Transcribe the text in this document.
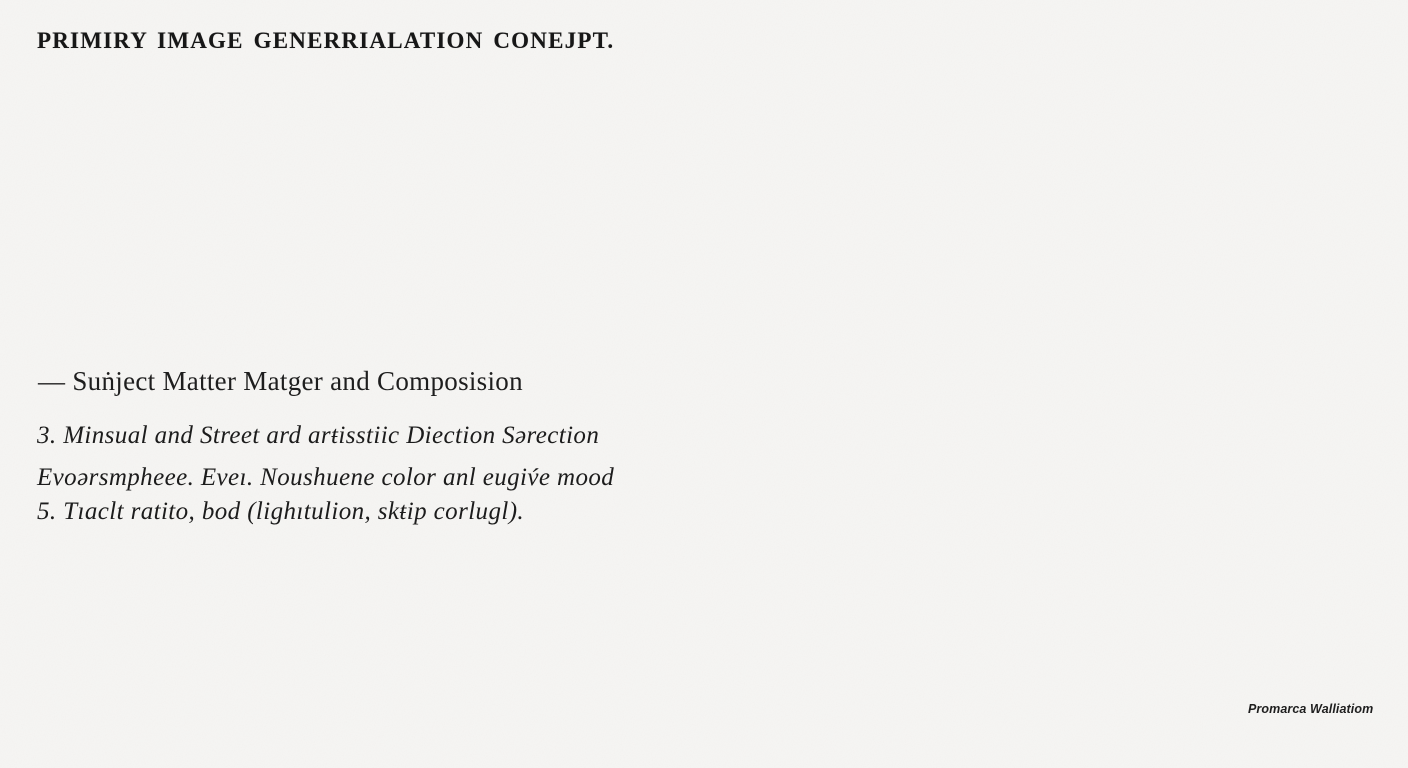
PRIMIRY IMAGE GENERRIALATION CONEJPT.
— Suṅject Matter Matger and Composision
3. Minsual and Street ard arŧisstiic Diection Sərection
Evoərsmpheee. Eveı. Noushuene color anl eugiv́e mood
5. Tıaclt ratito, bod (lighıtulion, skŧip corlugl).
Promarca Walliatiom
